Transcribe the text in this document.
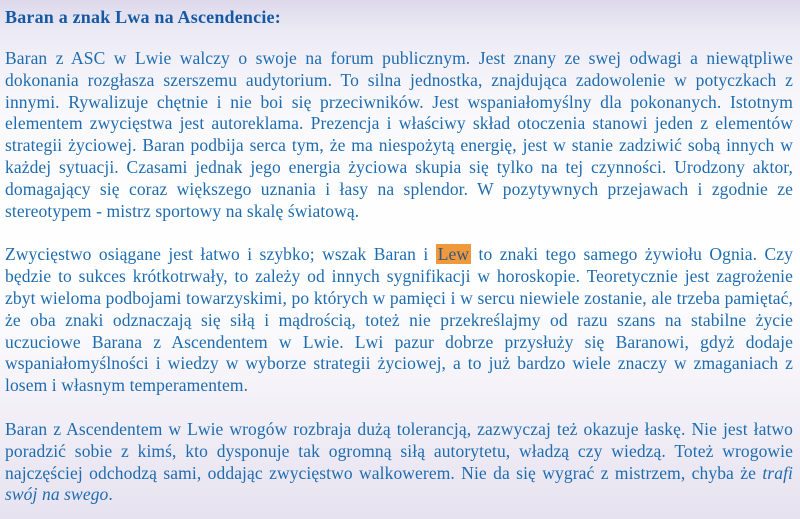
Baran a znak Lwa na Ascendencie:

Baran z ASC w Lwie walczy o swoje na forum publicznym. Jest znany ze swej odwagi a niewątpliwe dokonania rozgłasza szerszemu audytorium. To silna jednostka, znajdująca zadowolenie w potyczkach z innymi. Rywalizuje chętnie i nie boi się przeciwników. Jest wspaniałomyślny dla pokonanych. Istotnym elementem zwycięstwa jest autoreklama. Prezencja i właściwy skład otoczenia stanowi jeden z elementów strategii życiowej. Baran podbija serca tym, że ma niespożytą energię, jest w stanie zadziwić sobą innych w każdej sytuacji. Czasami jednak jego energia życiowa skupia się tylko na tej czynności. Urodzony aktor, domagający się coraz większego uznania i łasy na splendor. W pozytywnych przejawach i zgodnie ze stereotypem - mistrz sportowy na skalę światową.

Zwycięstwo osiągane jest łatwo i szybko; wszak Baran i Lew to znaki tego samego żywiołu Ognia. Czy będzie to sukces krótkotrwały, to zależy od innych sygnifikacji w horoskopie. Teoretycznie jest zagrożenie zbyt wieloma podbojami towarzyskimi, po których w pamięci i w sercu niewiele zostanie, ale trzeba pamiętać, że oba znaki odznaczają się siłą i mądrością, toteż nie przekreślajmy od razu szans na stabilne życie uczuciowe Barana z Ascendentem w Lwie. Lwi pazur dobrze przysłuży się Baranowi, gdyż dodaje wspaniałomyślności i wiedzy w wyborze strategii życiowej, a to już bardzo wiele znaczy w zmaganiach z losem i własnym temperamentem.

Baran z Ascendentem w Lwie wrogów rozbraja dużą tolerancją, zazwyczaj też okazuje łaskę. Nie jest łatwo poradzić sobie z kimś, kto dysponuje tak ogromną siłą autorytetu, władzą czy wiedzą. Toteż wrogowie najczęściej odchodzą sami, oddając zwycięstwo walkowerem. Nie da się wygrać z mistrzem, chyba że trafi swój na swego.
